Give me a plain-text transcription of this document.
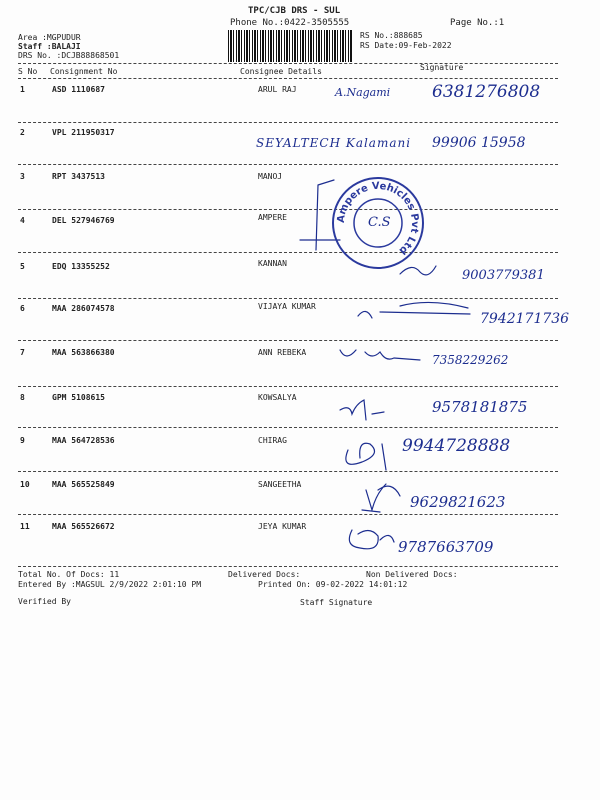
TPC/CJB DRS - SUL
Phone No.:0422-3505555	Page No.:1
Area :MGPUDUR
Staff :BALAJI
DRS No. :DCJB88868501
RS No.:888685
RS Date:09-Feb-2022
S No Consignment No	Consignee Details	Signature
1	ASD 1110687	ARUL RAJ	A.Nagami 6381276808
2	VPL 211950317
SEYALTECH Kalamani 99906 15958
3	RPT 3437513	MANOJ
4	DEL 527946769	AMPERE	C.S
5	EDQ 13355252	KANNAN
9003779381
6	MAA 286074578	VIJAYA KUMAR
7942171736
7	MAA 563866380	ANN REBEKA
7358229262
8	GPM 5108615	KOWSALYA
9578181875
9	MAA 564728536	CHIRAG	9944728888
10	MAA 565525849	SANGEETHA
9629821623
11	MAA 565526672	JEYA KUMAR
9787663709
Ampere Vehicles Pvt Ltd
Total No. Of Docs: 11	Delivered Docs:	Non Delivered Docs:
Entered By :MAGSUL 2/9/2022 2:01:10 PM	Printed On: 09-02-2022 14:01:12
Verified By	Staff Signature
